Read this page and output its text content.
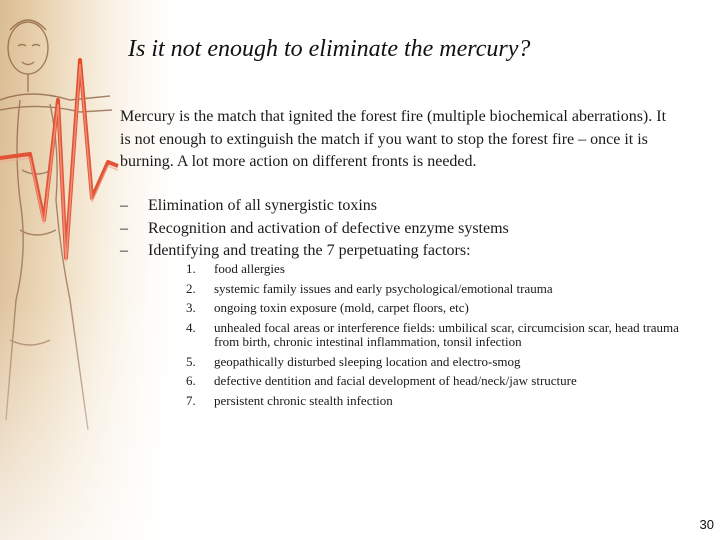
Is it not enough to eliminate the mercury?

Mercury is the match that ignited the forest fire (multiple biochemical aberrations). It is not enough to extinguish the match if you want to stop the forest fire – once it is burning. A lot more action on different fronts is needed.

– Elimination of all synergistic toxins
– Recognition and activation of defective enzyme systems
– Identifying and treating the 7 perpetuating factors:
1. food allergies
2. systemic family issues and early psychological/emotional trauma
3. ongoing toxin exposure (mold, carpet floors, etc)
4. unhealed focal areas or interference fields: umbilical scar, circumcision scar, head trauma from birth, chronic intestinal inflammation, tonsil infection
5. geopathically disturbed sleeping location and electro-smog
6. defective dentition and facial development of head/neck/jaw structure
7. persistent chronic stealth infection
30
